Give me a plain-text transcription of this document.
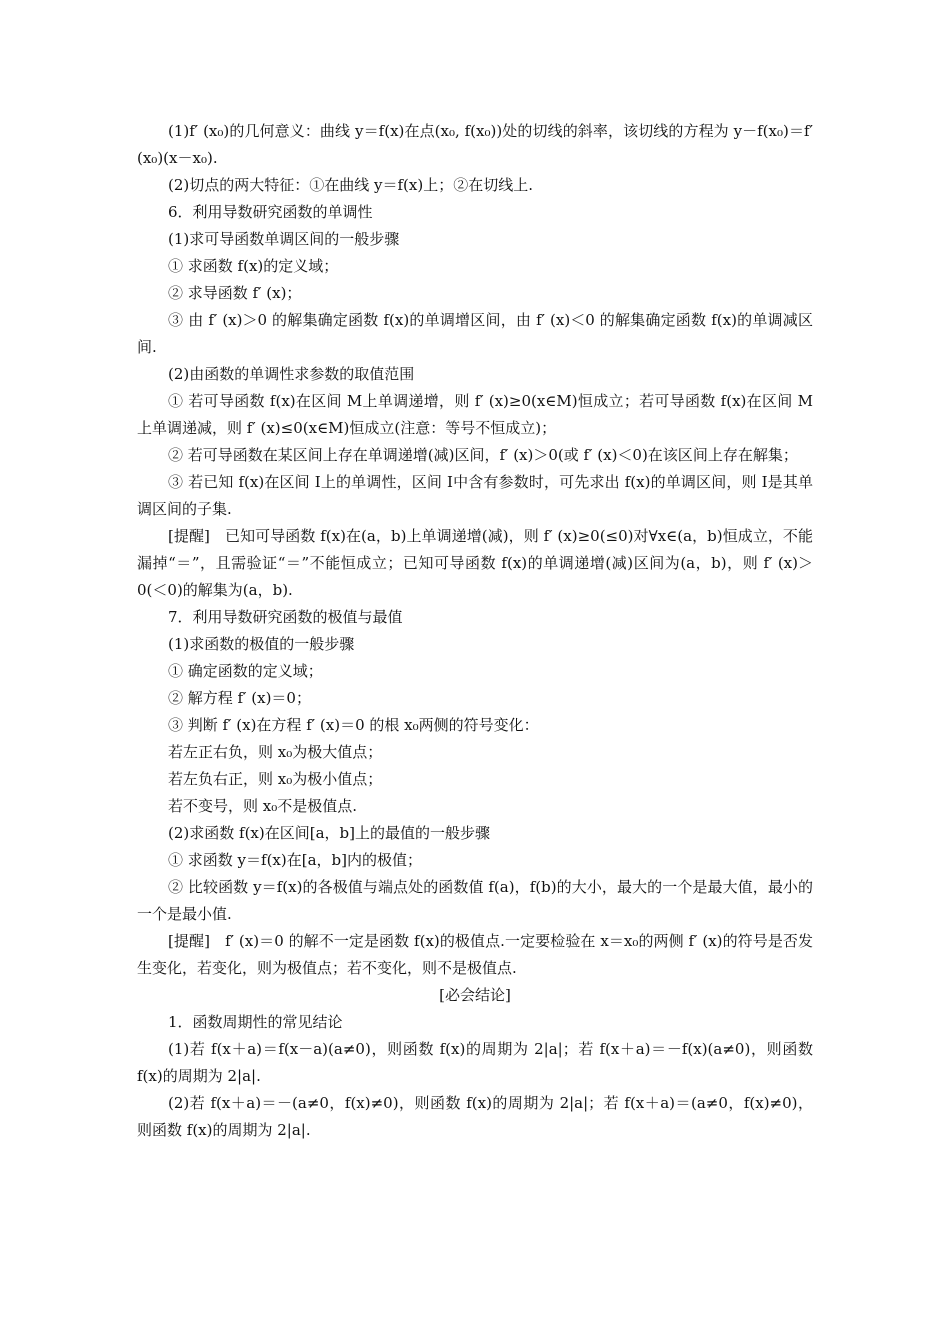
(1)f′ (x₀)的几何意义：曲线 y＝f(x)在点(x₀, f(x₀))处的切线的斜率，该切线的方程为 y－f(x₀)＝f′ (x₀)(x－x₀).

(2)切点的两大特征：①在曲线 y＝f(x)上；②在切线上.

6．利用导数研究函数的单调性

(1)求可导函数单调区间的一般步骤

① 求函数 f(x)的定义域；

② 求导函数 f′ (x)；

③ 由 f′ (x)＞0 的解集确定函数 f(x)的单调增区间，由 f′ (x)＜0 的解集确定函数 f(x)的单调减区间.

(2)由函数的单调性求参数的取值范围

① 若可导函数 f(x)在区间 M上单调递增，则 f′ (x)≥0(x∈M)恒成立；若可导函数 f(x)在区间 M上单调递减，则 f′ (x)≤0(x∈M)恒成立(注意：等号不恒成立)；

② 若可导函数在某区间上存在单调递增(减)区间，f′ (x)＞0(或 f′ (x)＜0)在该区间上存在解集；

③ 若已知 f(x)在区间 I上的单调性，区间 I中含有参数时，可先求出 f(x)的单调区间，则 I是其单调区间的子集.

[提醒]　已知可导函数 f(x)在(a，b)上单调递增(减)，则 f′ (x)≥0(≤0)对∀x∈(a，b)恒成立，不能漏掉“＝”，且需验证“＝”不能恒成立；已知可导函数 f(x)的单调递增(减)区间为(a，b)，则 f′ (x)＞0(＜0)的解集为(a，b).

7．利用导数研究函数的极值与最值

(1)求函数的极值的一般步骤

① 确定函数的定义域；

② 解方程 f′ (x)＝0；

③ 判断 f′ (x)在方程 f′ (x)＝0 的根 x₀两侧的符号变化：

若左正右负，则 x₀为极大值点；

若左负右正，则 x₀为极小值点；

若不变号，则 x₀不是极值点.

(2)求函数 f(x)在区间[a，b]上的最值的一般步骤

① 求函数 y＝f(x)在[a，b]内的极值；

② 比较函数 y＝f(x)的各极值与端点处的函数值 f(a)，f(b)的大小，最大的一个是最大值，最小的一个是最小值.

[提醒]　f′ (x)＝0 的解不一定是函数 f(x)的极值点.一定要检验在 x＝x₀的两侧 f′ (x)的符号是否发生变化，若变化，则为极值点；若不变化，则不是极值点.

[必会结论]

1．函数周期性的常见结论

(1)若 f(x＋a)＝f(x－a)(a≠0)，则函数 f(x)的周期为 2|a|；若 f(x＋a)＝－f(x)(a≠0)，则函数 f(x)的周期为 2|a|.

(2)若 f(x＋a)＝－(a≠0，f(x)≠0)，则函数 f(x)的周期为 2|a|；若 f(x＋a)＝(a≠0，f(x)≠0)，则函数 f(x)的周期为 2|a|.
